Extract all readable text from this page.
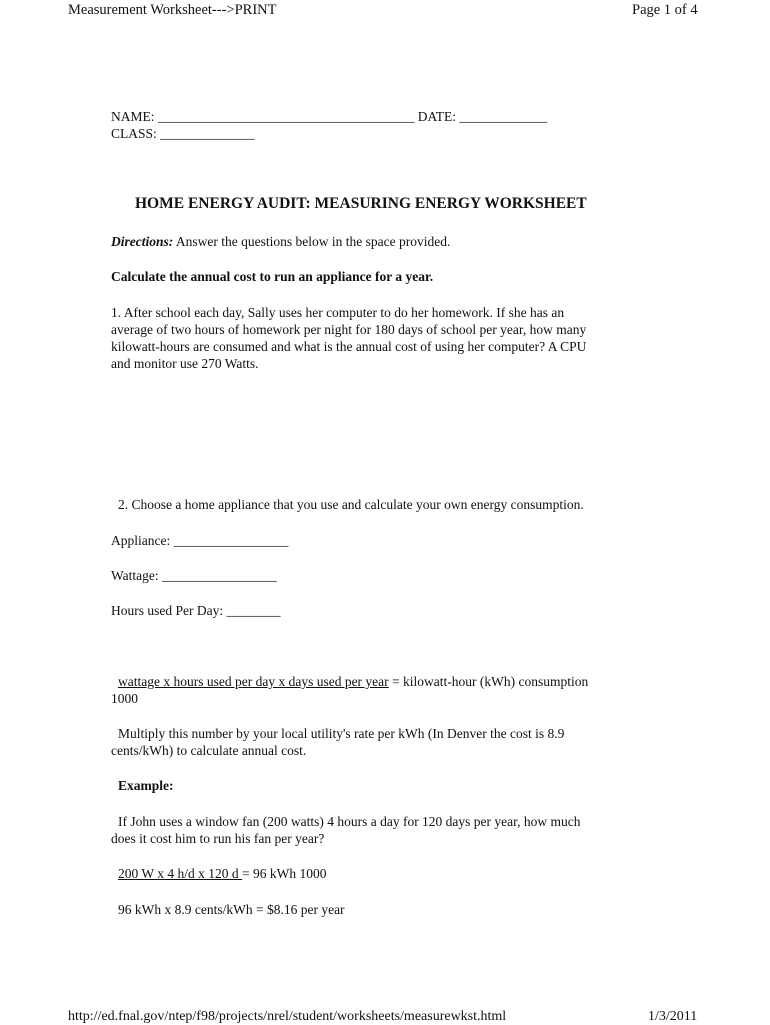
Measurement Worksheet--->PRINT	Page 1 of 4
NAME: ______________________________________ DATE: _____________
CLASS: ______________
HOME ENERGY AUDIT: MEASURING ENERGY WORKSHEET
Directions: Answer the questions below in the space provided.
Calculate the annual cost to run an appliance for a year.
1. After school each day, Sally uses her computer to do her homework. If she has an
average of two hours of homework per night for 180 days of school per year, how many
kilowatt-hours are consumed and what is the annual cost of using her computer? A CPU
and monitor use 270 Watts.
2. Choose a home appliance that you use and calculate your own energy consumption.
Appliance: _________________
Wattage: _________________
Hours used Per Day: ________
wattage x hours used per day x days used per year = kilowatt-hour (kWh) consumption
1000
Multiply this number by your local utility's rate per kWh (In Denver the cost is 8.9
cents/kWh) to calculate annual cost.
Example:
If John uses a window fan (200 watts) 4 hours a day for 120 days per year, how much
does it cost him to run his fan per year?
200 W x 4 h/d x 120 d = 96 kWh 1000
96 kWh x 8.9 cents/kWh = $8.16 per year
http://ed.fnal.gov/ntep/f98/projects/nrel/student/worksheets/measurewkst.html	1/3/2011
